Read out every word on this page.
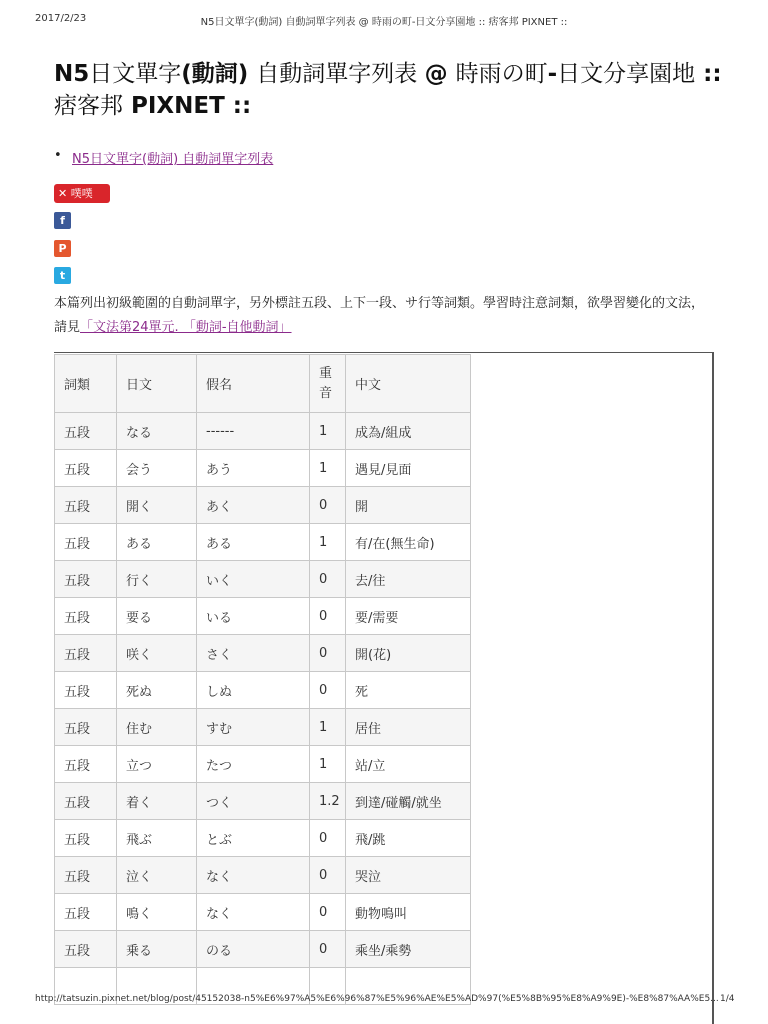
2017/2/23	N5日文單字(動詞) 自動詞單字列表 @ 時雨の町-日文分享園地 :: 痞客邦 PIXNET ::
N5日文單字(動詞) 自動詞單字列表 @ 時雨の町-日文分享園地 :: 痞客邦 PIXNET ::
• N5日文單字(動詞) 自動詞單字列表
✕ 噗噗
f
P
t
本篇列出初級範圍的自動詞單字，另外標註五段、上下一段、サ行等詞類。學習時注意詞類，欲學習變化的文法，請見「文法第24單元. 「動詞-自他動詞」
詞類	日文	假名	重音	中文
五段	なる	------	1	成為/組成
五段	会う	あう	1	遇見/見面
五段	開く	あく	0	開
五段	ある	ある	1	有/在(無生命)
五段	行く	いく	0	去/往
五段	要る	いる	0	要/需要
五段	咲く	さく	0	開(花)
五段	死ぬ	しぬ	0	死
五段	住む	すむ	1	居住
五段	立つ	たつ	1	站/立
五段	着く	つく	1.2	到達/碰觸/就坐
五段	飛ぶ	とぶ	0	飛/跳
五段	泣く	なく	0	哭泣
五段	鳴く	なく	0	動物鳴叫
五段	乗る	のる	0	乘坐/乘勢

http://tatsuzin.pixnet.net/blog/post/45152038-n5%E6%97%A5%E6%96%87%E5%96%AE%E5%AD%97(%E5%8B%95%E8%A9%9E)-%E8%87%AA%E5... 1/4
